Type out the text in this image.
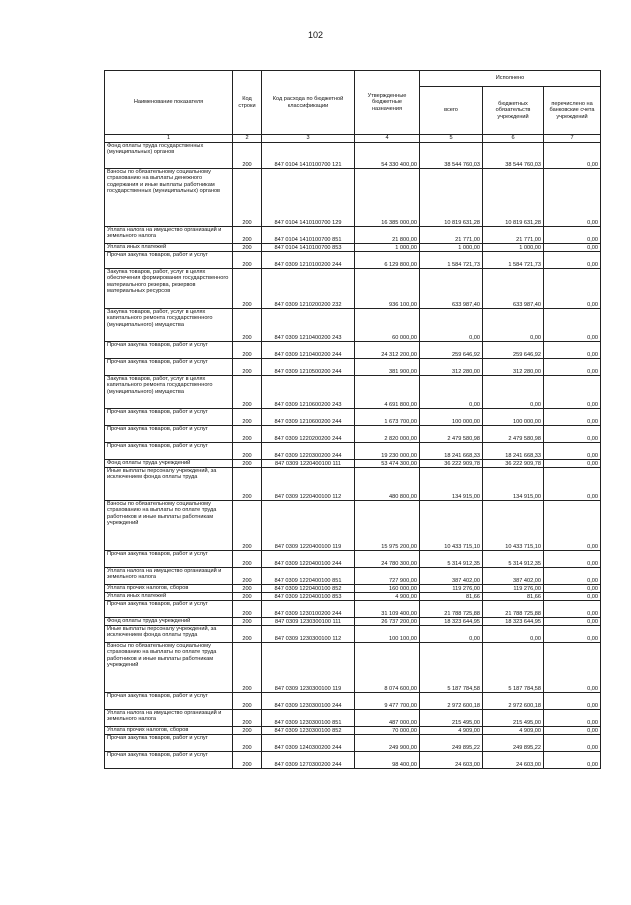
102
Наименование показателя	Код строки	Код расхода по бюджетной классификации	Утвержденные бюджетные назначения	Исполнено		
				всего	бюджетных обязательств учреждений	перечислено на банковские счета учреждений
1	2	3	4	5	6	7
Фонд оплаты труда государственных (муниципальных) органов	200	847 0104 1410100700 121	54 330 400,00	38 544 760,03	38 544 760,03	0,00
Взносы по обязательному социальному страхованию на выплаты денежного содержания и иные выплаты работникам государственных (муниципальных) органов	200	847 0104 1410100700 129	16 385 000,00	10 819 631,28	10 819 631,28	0,00
Уплата налога на имущество организаций и земельного налога	200	847 0104 1410100700 851	21 800,00	21 771,00	21 771,00	0,00
Уплата иных платежей	200	847 0104 1410100700 853	1 000,00	1 000,00	1 000,00	0,00
Прочая закупка товаров, работ и услуг	200	847 0309 1210100200 244	6 129 800,00	1 584 721,73	1 584 721,73	0,00
Закупка товаров, работ, услуг в целях обеспечения формирования государственного материального резерва, резервов материальных ресурсов	200	847 0309 1210200200 232	936 100,00	633 987,40	633 987,40	0,00
Закупка товаров, работ, услуг в целях капитального ремонта государственного (муниципального) имущества	200	847 0309 1210400200 243	60 000,00	0,00	0,00	0,00
Прочая закупка товаров, работ и услуг	200	847 0309 1210400200 244	24 312 200,00	259 646,92	259 646,92	0,00
Прочая закупка товаров, работ и услуг	200	847 0309 1210500200 244	381 900,00	312 280,00	312 280,00	0,00
Закупка товаров, работ, услуг в целях капитального ремонта государственного (муниципального) имущества	200	847 0309 1210600200 243	4 691 800,00	0,00	0,00	0,00
Прочая закупка товаров, работ и услуг	200	847 0309 1210600200 244	1 673 700,00	100 000,00	100 000,00	0,00
Прочая закупка товаров, работ и услуг	200	847 0309 1220200200 244	2 820 000,00	2 479 580,98	2 479 580,98	0,00
Прочая закупка товаров, работ и услуг	200	847 0309 1220300200 244	19 230 000,00	18 241 668,33	18 241 668,33	0,00
Фонд оплаты труда учреждений	200	847 0309 1220400100 111	53 474 300,00	36 222 909,78	36 222 909,78	0,00
Иные выплаты персоналу учреждений, за исключением фонда оплаты труда	200	847 0309 1220400100 112	480 800,00	134 915,00	134 915,00	0,00
Взносы по обязательному социальному страхованию на выплаты по оплате труда работников и иные выплаты работникам учреждений	200	847 0309 1220400100 119	15 975 200,00	10 433 715,10	10 433 715,10	0,00
Прочая закупка товаров, работ и услуг	200	847 0309 1220400100 244	24 780 300,00	5 314 912,35	5 314 912,35	0,00
Уплата налога на имущество организаций и земельного налога	200	847 0309 1220400100 851	727 900,00	387 402,00	387 402,00	0,00
Уплата прочих налогов, сборов	200	847 0309 1220400100 852	160 000,00	119 276,00	119 276,00	0,00
Уплата иных платежей	200	847 0309 1220400100 853	4 900,00	81,66	81,66	0,00
Прочая закупка товаров, работ и услуг	200	847 0309 1230100200 244	31 109 400,00	21 788 725,88	21 788 725,88	0,00
Фонд оплаты труда учреждений	200	847 0309 1230300100 111	26 737 200,00	18 323 644,95	18 323 644,95	0,00
Иные выплаты персоналу учреждений, за исключением фонда оплаты труда	200	847 0309 1230300100 112	100 100,00	0,00	0,00	0,00
Взносы по обязательному социальному страхованию на выплаты по оплате труда работников и иные выплаты работникам учреждений	200	847 0309 1230300100 119	8 074 600,00	5 187 784,58	5 187 784,58	0,00
Прочая закупка товаров, работ и услуг	200	847 0309 1230300100 244	9 477 700,00	2 972 600,18	2 972 600,18	0,00
Уплата налога на имущество организаций и земельного налога	200	847 0309 1230300100 851	487 000,00	215 495,00	215 495,00	0,00
Уплата прочих налогов, сборов	200	847 0309 1230300100 852	70 000,00	4 909,00	4 909,00	0,00
Прочая закупка товаров, работ и услуг	200	847 0309 1240300200 244	249 900,00	249 895,22	249 895,22	0,00
Прочая закупка товаров, работ и услуг	200	847 0309 1270300200 244	98 400,00	24 603,00	24 603,00	0,00
